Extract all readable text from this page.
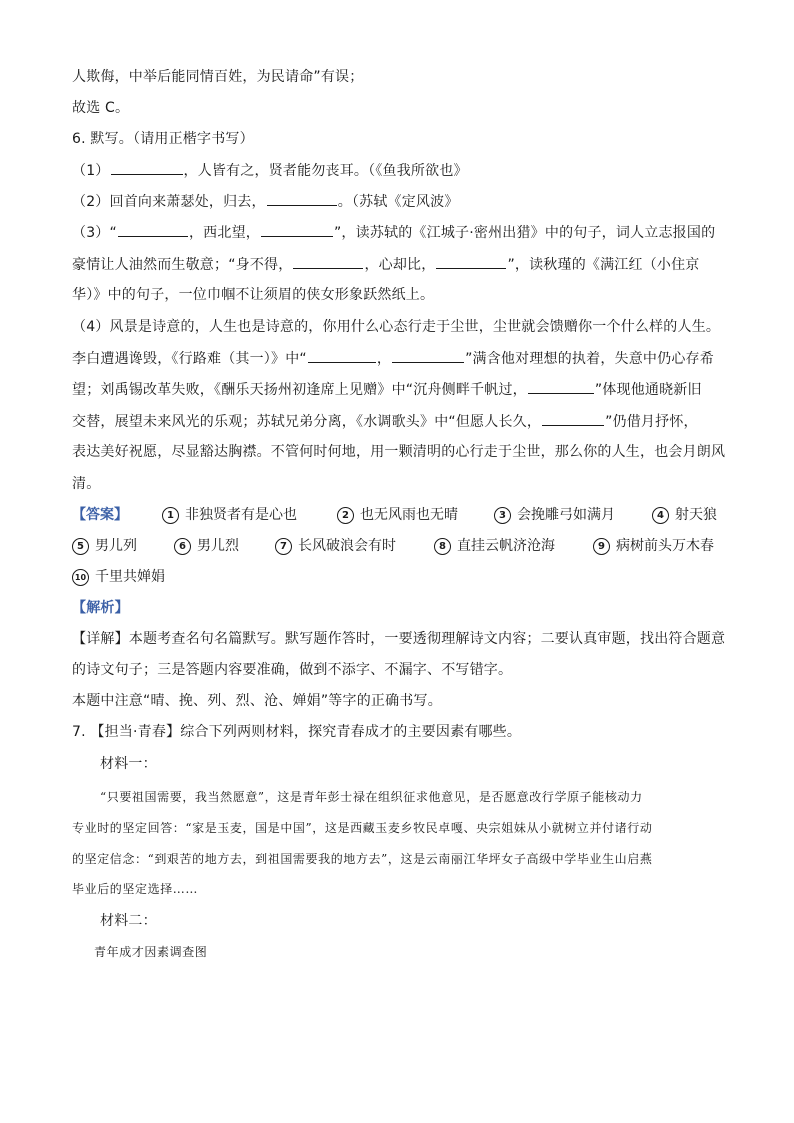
人欺侮，中举后能同情百姓，为民请命”有误；
故选 C。
6. 默写。（请用正楷字书写）
（1）	，人皆有之，贤者能勿丧耳。（《鱼我所欲也》
（2）回首向来萧瑟处，归去，	。（苏轼《定风波》
（3）“	，西北望，	”，读苏轼的《江城子·密州出猎》中的句子，词人立志报国的
豪情让人油然而生敬意；“身不得，	，心却比，	”，读秋瑾的《满江红（小住京
华）》中的句子，一位巾帼不让须眉的侠女形象跃然纸上。
（4）风景是诗意的，人生也是诗意的，你用什么心态行走于尘世，尘世就会馈赠你一个什么样的人生。
李白遭遇谗毁，《行路难（其一）》中“	，	”满含他对理想的执着，失意中仍心存希
望；刘禹锡改革失败，《酬乐天扬州初逢席上见赠》中“沉舟侧畔千帆过，	”体现他通晓新旧
交替，展望未来风光的乐观；苏轼兄弟分离，《水调歌头》中“但愿人长久，	”仍借月抒怀，
表达美好祝愿，尽显豁达胸襟。不管何时何地，用一颗清明的心行走于尘世，那么你的人生，也会月朗风
清。
【答案】	1 非独贤者有是心也	2 也无风雨也无晴	3 会挽雕弓如满月	4 射天狼
5 男儿列	6 男儿烈	7 长风破浪会有时	8 直挂云帆济沧海	9 病树前头万木春
10 千里共婵娟
【解析】
【详解】本题考查名句名篇默写。默写题作答时，一要透彻理解诗文内容；二要认真审题，找出符合题意
的诗文句子；三是答题内容要准确，做到不添字、不漏字、不写错字。
本题中注意“晴、挽、列、烈、沧、婵娟”等字的正确书写。
7. 【担当·青春】综合下列两则材料，探究青春成才的主要因素有哪些。
材料一：
“只要祖国需要，我当然愿意”，这是青年彭士禄在组织征求他意见，是否愿意改行学原子能核动力
专业时的坚定回答：“家是玉麦，国是中国”，这是西藏玉麦乡牧民卓嘎、央宗姐妹从小就树立并付诸行动
的坚定信念：“到艰苦的地方去，到祖国需要我的地方去”，这是云南丽江华坪女子高级中学毕业生山启燕
毕业后的坚定选择……
材料二：
青年成才因素调查图
